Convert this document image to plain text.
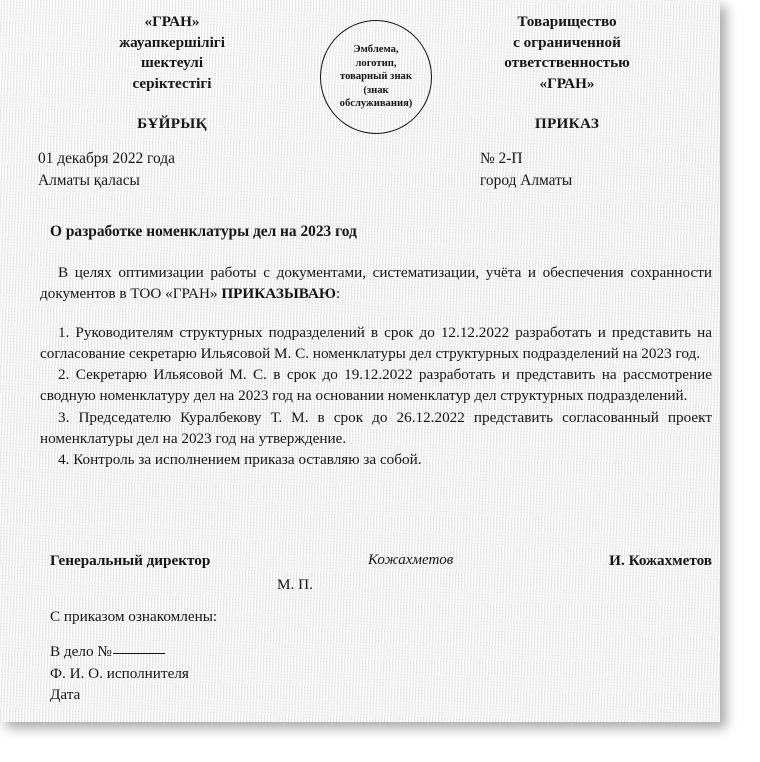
«ГРАН»
жауапкершілігі
шектеулі
серіктестігі
БҰЙРЫҚ
Эмблема,
логотип,
товарный знак
(знак
обслуживания)
Товарищество
с ограниченной
ответственностью
«ГРАН»
ПРИКАЗ
01 декабря 2022 года
Алматы қаласы
№ 2-П
город Алматы
О разработке номенклатуры дел на 2023 год

В целях оптимизации работы с документами, систематизации, учёта и обеспечения сохранности документов в ТОО «ГРАН» ПРИКАЗЫВАЮ:

1. Руководителям структурных подразделений в срок до 12.12.2022 разработать и представить на согласование секретарю Ильясовой М. С. номенклатуры дел структурных подразделений на 2023 год.

2. Секретарю Ильясовой М. С. в срок до 19.12.2022 разработать и представить на рассмотрение сводную номенклатуру дел на 2023 год на основании номенклатур дел структурных подразделений.

3. Председателю Куралбекову Т. М. в срок до 26.12.2022 представить согласованный проект номенклатуры дел на 2023 год на утверждение.

4. Контроль за исполнением приказа оставляю за собой.

Генеральный директор	Кожахметов	И. Кожахметов
М. П.
С приказом ознакомлены:
В дело №
Ф. И. О. исполнителя
Дата
